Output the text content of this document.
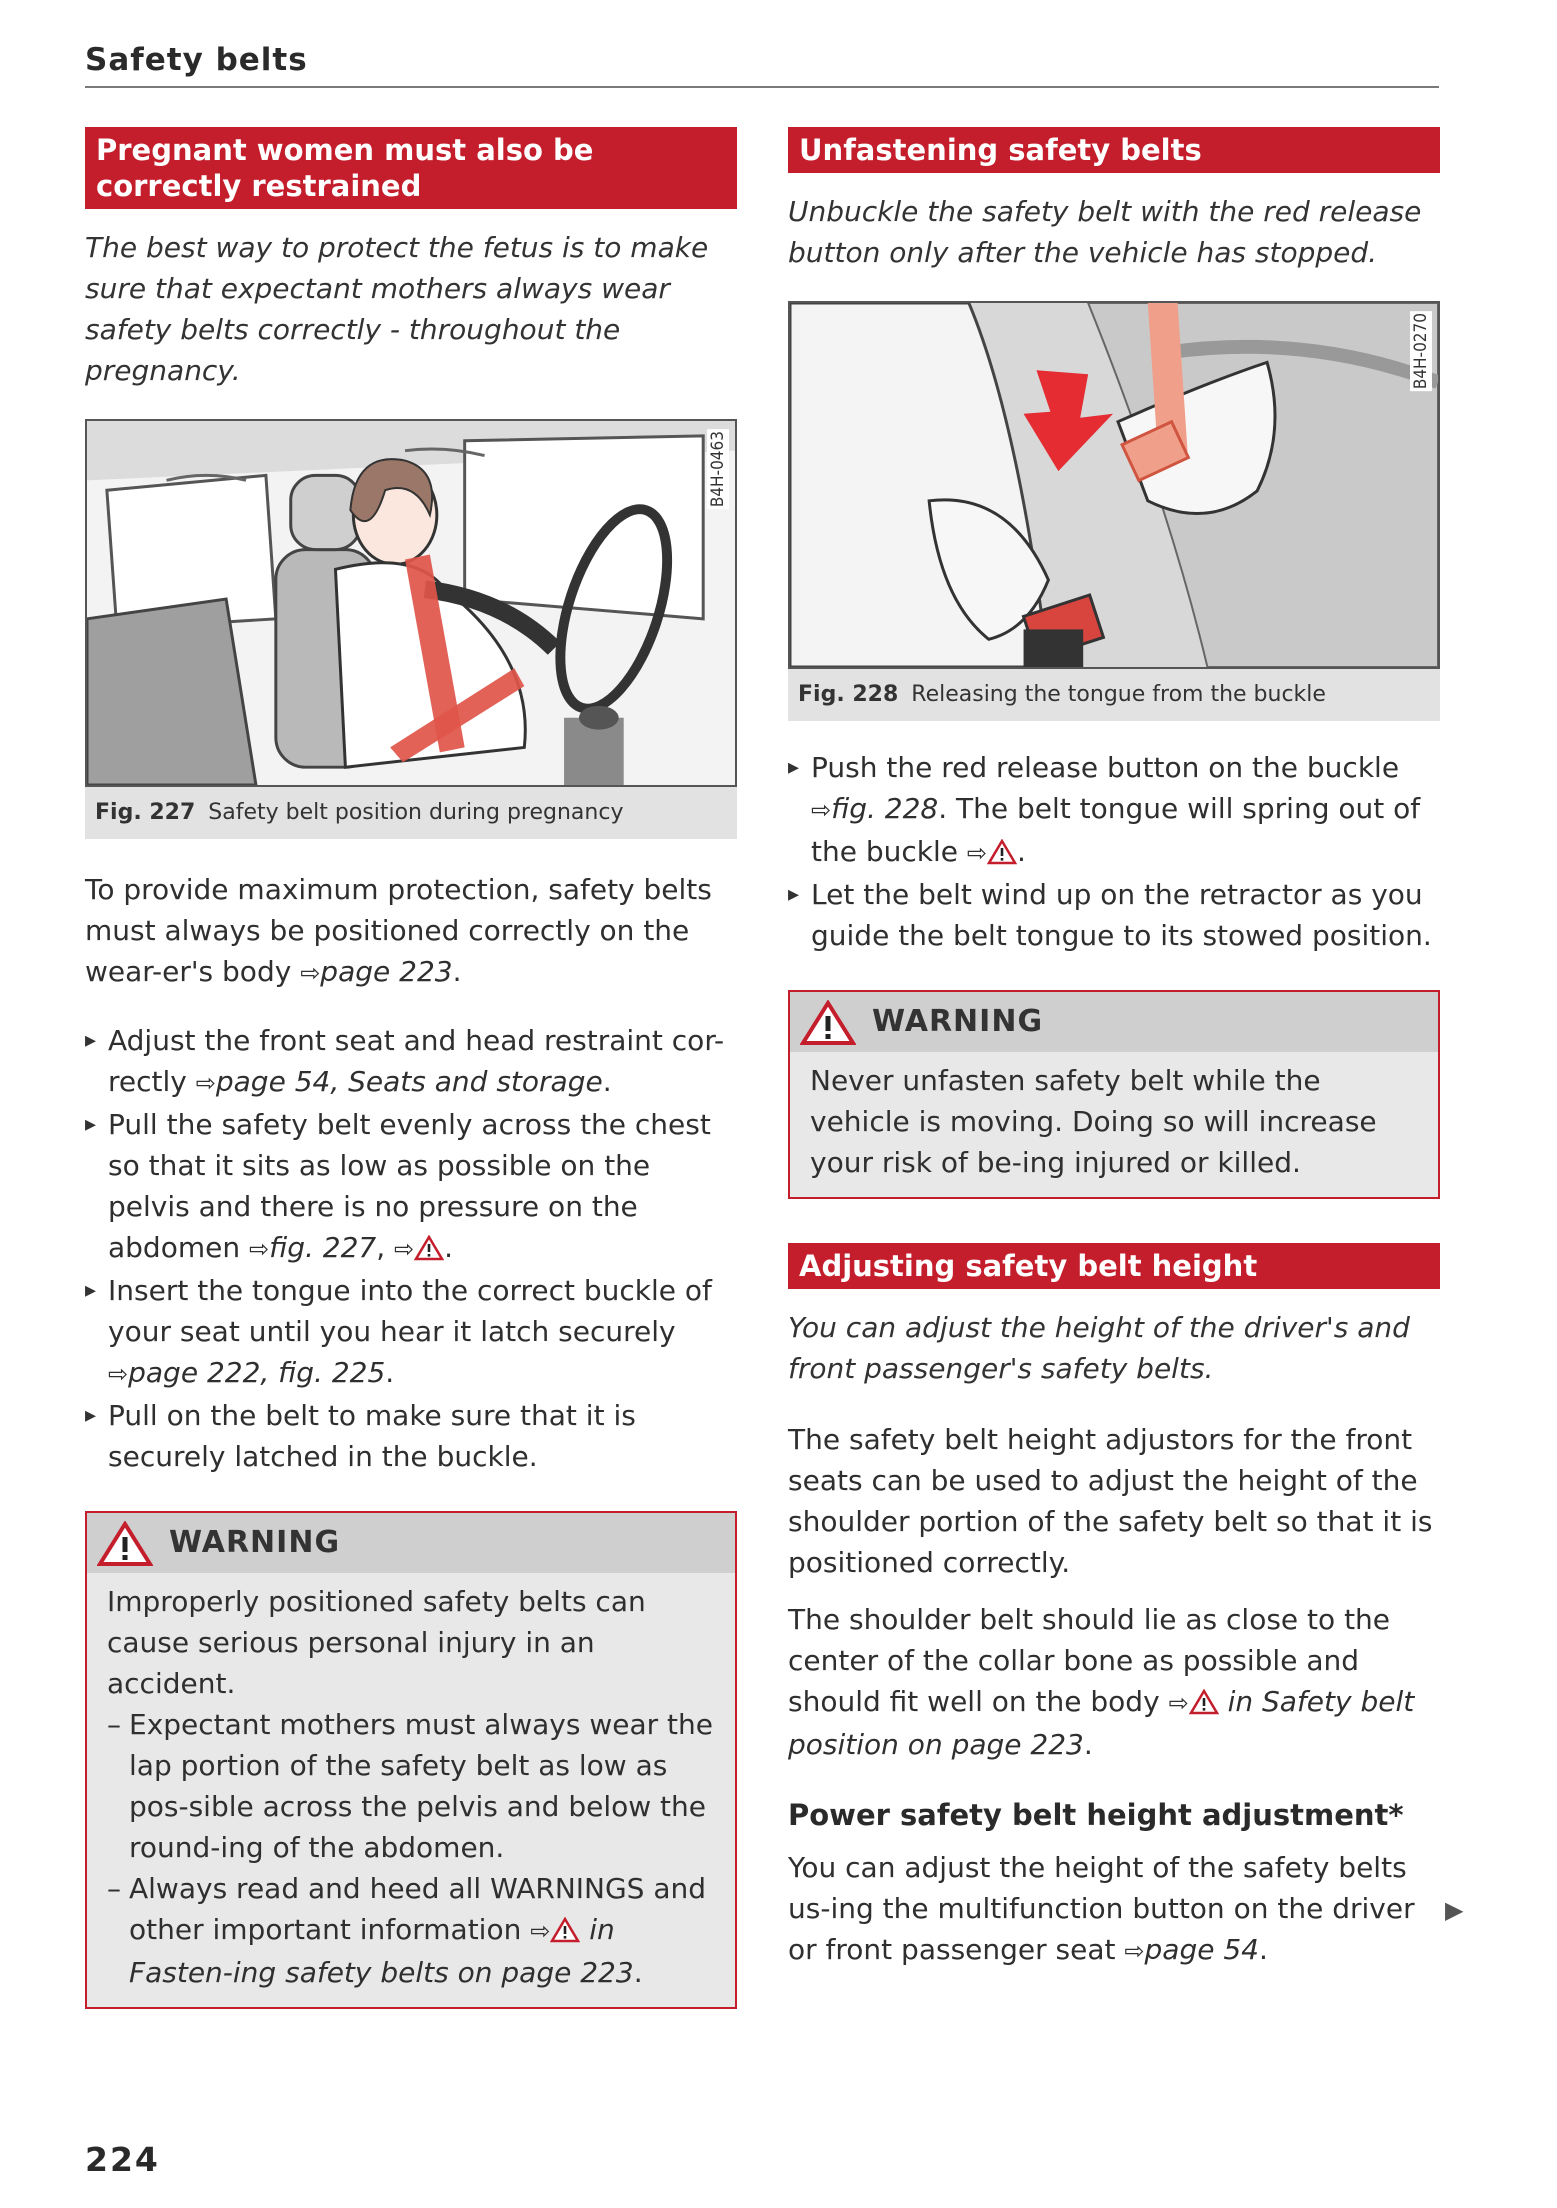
Safety belts
Pregnant women must also be correctly restrained

The best way to protect the fetus is to make sure that expectant mothers always wear safety belts correctly - throughout the pregnancy.

B4H-0463
Fig. 227 Safety belt position during pregnancy

To provide maximum protection, safety belts must always be positioned correctly on the wear-er's body ⇨page 223.

▸ Adjust the front seat and head restraint cor-rectly ⇨page 54, Seats and storage.
▸ Pull the safety belt evenly across the chest so that it sits as low as possible on the pelvis and there is no pressure on the abdomen ⇨fig. 227, ⇨ .
▸ Insert the tongue into the correct buckle of your seat until you hear it latch securely ⇨page 222, fig. 225.
▸ Pull on the belt to make sure that it is securely latched in the buckle.
WARNING

Improperly positioned safety belts can cause serious personal injury in an accident.

– Expectant mothers must always wear the lap portion of the safety belt as low as pos-sible across the pelvis and below the round-ing of the abdomen.

– Always read and heed all WARNINGS and other important information ⇨ in Fasten-ing safety belts on page 223.

Unfastening safety belts

Unbuckle the safety belt with the red release button only after the vehicle has stopped.

B4H-0270
Fig. 228 Releasing the tongue from the buckle
▸ Push the red release button on the buckle ⇨fig. 228. The belt tongue will spring out of the buckle ⇨ .
▸ Let the belt wind up on the retractor as you guide the belt tongue to its stowed position.
WARNING

Never unfasten safety belt while the vehicle is moving. Doing so will increase your risk of be-ing injured or killed.

Adjusting safety belt height

You can adjust the height of the driver's and front passenger's safety belts.

The safety belt height adjustors for the front seats can be used to adjust the height of the shoulder portion of the safety belt so that it is positioned correctly.

The shoulder belt should lie as close to the center of the collar bone as possible and should fit well on the body ⇨ in Safety belt position on page 223.

Power safety belt height adjustment*

You can adjust the height of the safety belts us-ing the multifunction button on the driver or front passenger seat ⇨page 54.

▶
224
